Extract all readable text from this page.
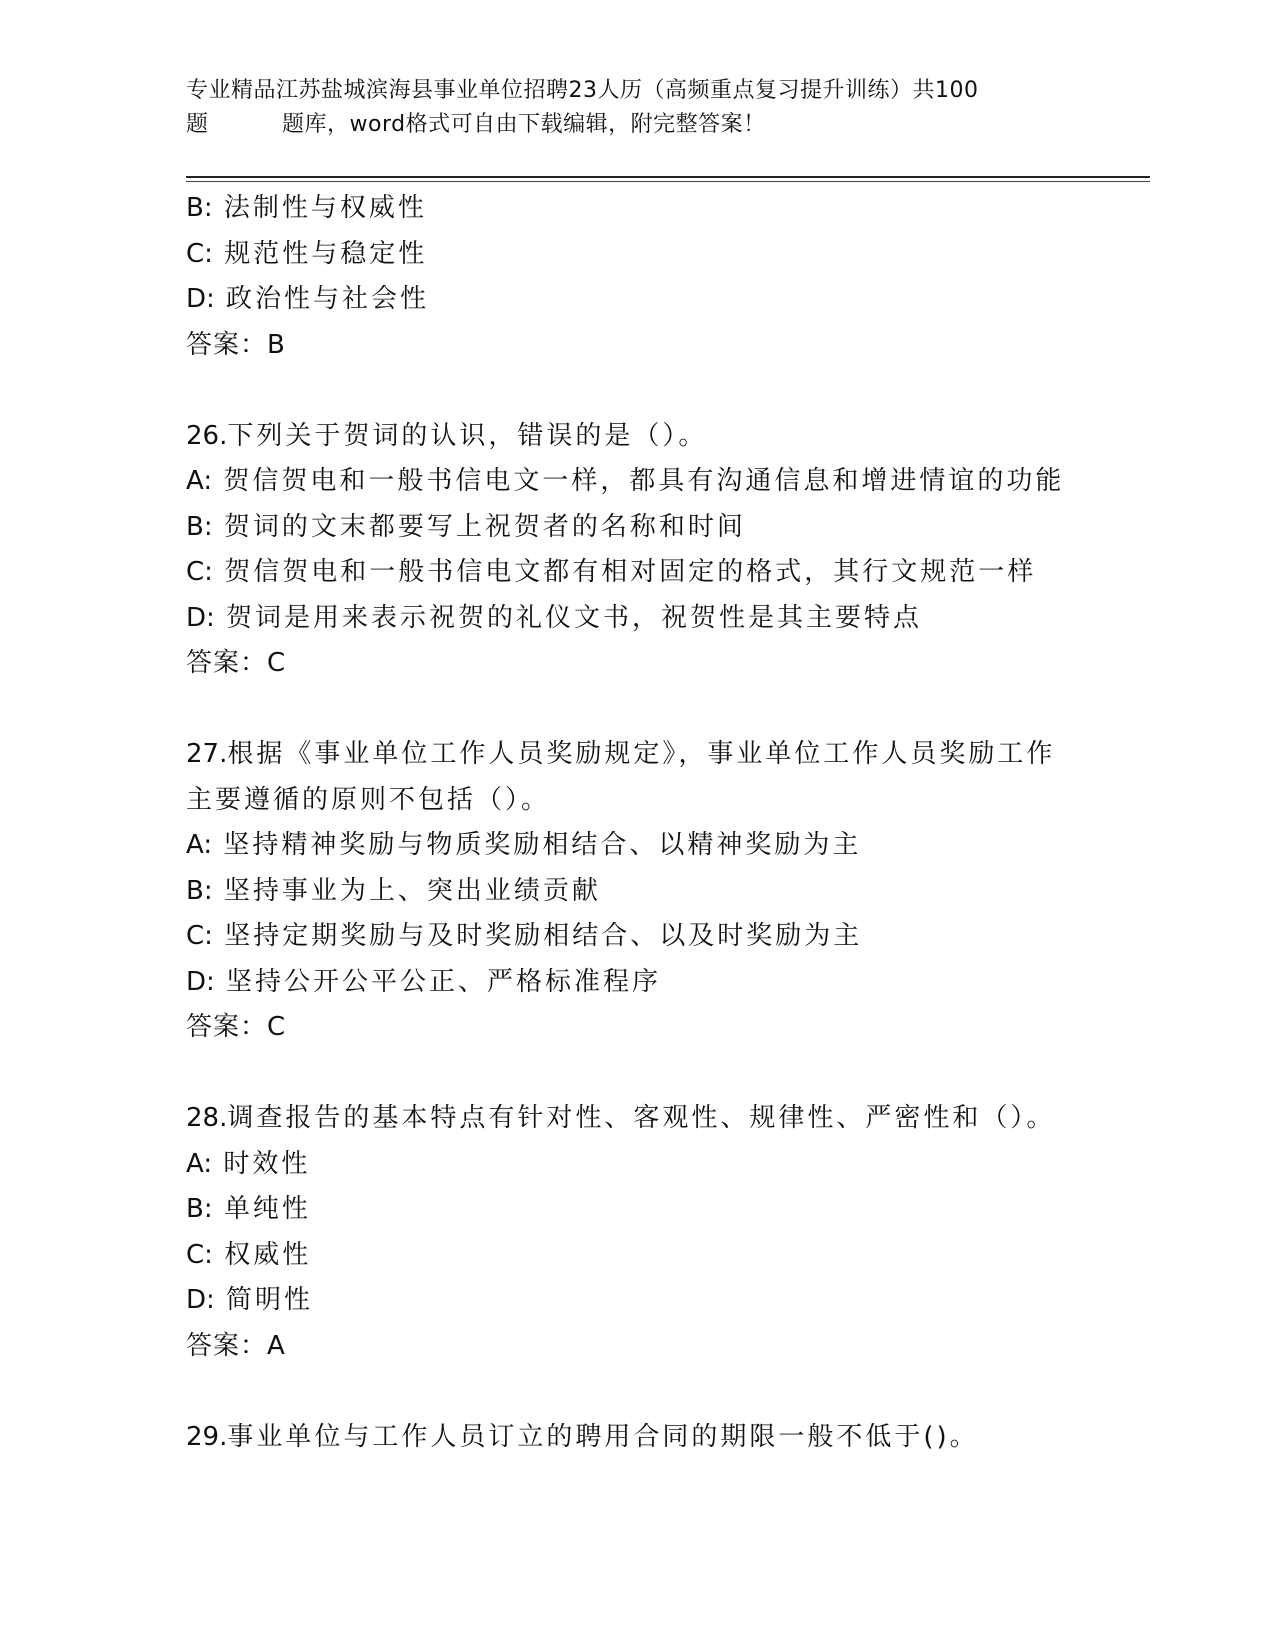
专业精品江苏盐城滨海县事业单位招聘23人历（高频重点复习提升训练）共100

题	题库，word格式可自由下载编辑，附完整答案！

B: 法制性与权威性

C: 规范性与稳定性

D: 政治性与社会性

答案：B

26.下列关于贺词的认识，错误的是（）。

A: 贺信贺电和一般书信电文一样，都具有沟通信息和增进情谊的功能

B: 贺词的文末都要写上祝贺者的名称和时间

C: 贺信贺电和一般书信电文都有相对固定的格式，其行文规范一样

D: 贺词是用来表示祝贺的礼仪文书，祝贺性是其主要特点

答案：C

27.根据《事业单位工作人员奖励规定》，事业单位工作人员奖励工作

主要遵循的原则不包括（）。

A: 坚持精神奖励与物质奖励相结合、以精神奖励为主

B: 坚持事业为上、突出业绩贡献

C: 坚持定期奖励与及时奖励相结合、以及时奖励为主

D: 坚持公开公平公正、严格标准程序

答案：C

28.调查报告的基本特点有针对性、客观性、规律性、严密性和（）。

A: 时效性

B: 单纯性

C: 权威性

D: 简明性

答案：A

29.事业单位与工作人员订立的聘用合同的期限一般不低于()。
